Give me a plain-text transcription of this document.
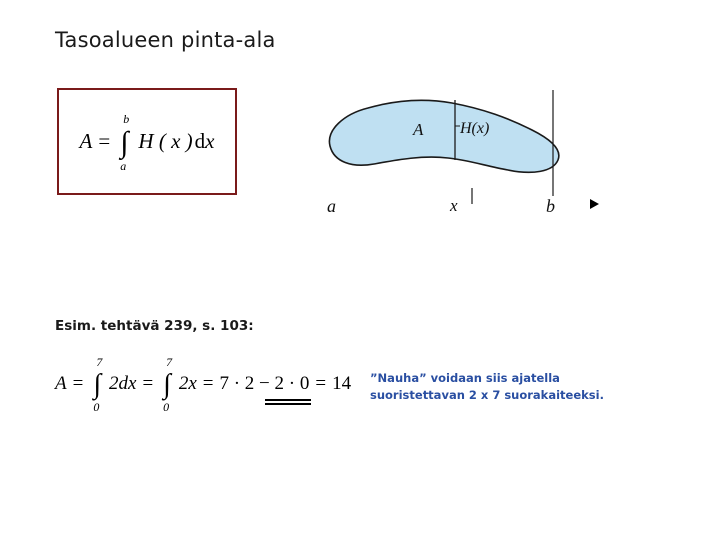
Tasoalueen pinta-ala
A =
b
∫
a
H ( x ) dx	A H(x)
a	b
x
Esim. tehtävä 239, s. 103:
A =
7
∫
0
2dx =
7
∫
0
2x = 7 · 2 − 2 · 0 = 14 ”Nauha” voidaan siis ajatella
suoristettavan 2 x 7 suorakaiteeksi.
